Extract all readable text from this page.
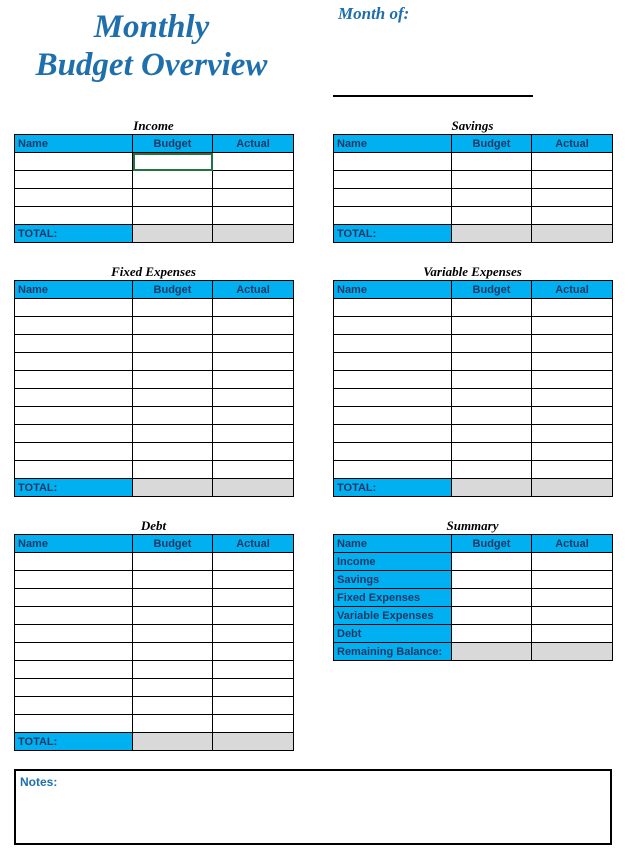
Monthly
Budget Overview
Month of:
Income
Name	Budget	Actual

TOTAL:		
Savings
Name	Budget	Actual

TOTAL:		
Fixed Expenses
Name	Budget	Actual

TOTAL:		
Variable Expenses
Name	Budget	Actual

TOTAL:		
Debt
Name	Budget	Actual

TOTAL:		
Summary
Name	Budget	Actual
Income		
Savings		
Fixed Expenses		
Variable Expenses		
Debt		
Remaining Balance:		
Notes:
